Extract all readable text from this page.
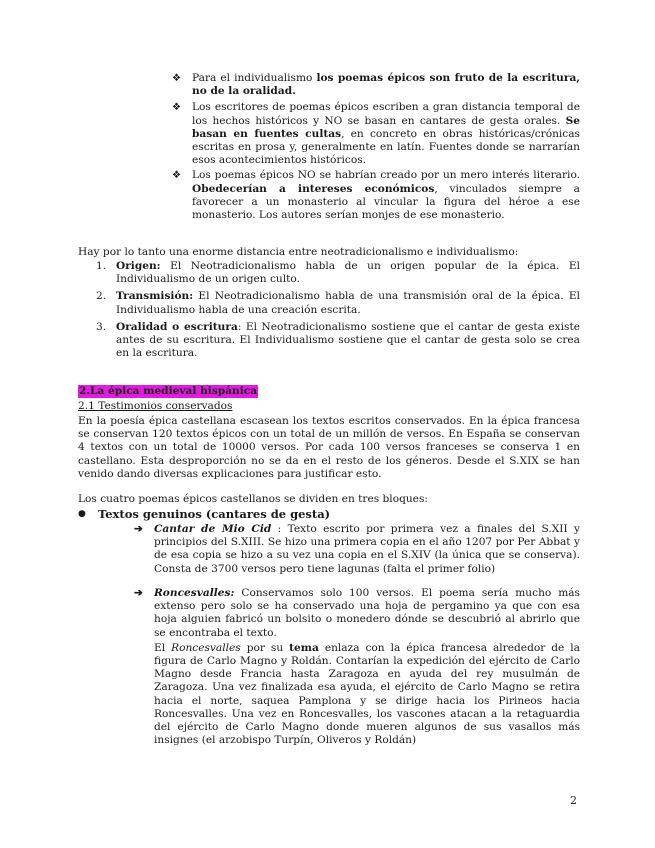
❖ Para el individualismo los poemas épicos son fruto de la escritura, no de la oralidad.

❖ Los escritores de poemas épicos escriben a gran distancia temporal de los hechos históricos y NO se basan en cantares de gesta orales. Se basan en fuentes cultas, en concreto en obras históricas/crónicas escritas en prosa y, generalmente en latín. Fuentes donde se narrarían esos acontecimientos históricos.

❖ Los poemas épicos NO se habrían creado por un mero interés literario. Obedecerían a intereses económicos, vinculados siempre a favorecer a un monasterio al vincular la figura del héroe a ese monasterio. Los autores serían monjes de ese monasterio.

Hay por lo tanto una enorme distancia entre neotradicionalismo e individualismo:
1. Origen: El Neotradicionalismo habla de un origen popular de la épica. El Individualismo de un origen culto.
2. Transmisión: El Neotradicionalismo habla de una transmisión oral de la épica. El Individualismo habla de una creación escrita.
3. Oralidad o escritura: El Neotradicionalismo sostiene que el cantar de gesta existe antes de su escritura. El Individualismo sostiene que el cantar de gesta solo se crea en la escritura.
2.La épica medieval hispánica
2.1 Testimonios conservados
En la poesía épica castellana escasean los textos escritos conservados. En la épica francesa se conservan 120 textos épicos con un total de un millón de versos. En España se conservan 4 textos con un total de 10000 versos. Por cada 100 versos franceses se conserva 1 en castellano. Esta desproporción no se da en el resto de los géneros. Desde el S.XIX se han venido dando diversas explicaciones para justificar esto.
Los cuatro poemas épicos castellanos se dividen en tres bloques:
● Textos genuinos (cantares de gesta)
➔ Cantar de Mio Cid : Texto escrito por primera vez a finales del S.XII y principios del S.XIII. Se hizo una primera copia en el año 1207 por Per Abbat y de esa copia se hizo a su vez una copia en el S.XIV (la única que se conserva). Consta de 3700 versos pero tiene lagunas (falta el primer folio)
➔ Roncesvalles: Conservamos solo 100 versos. El poema sería mucho más extenso pero solo se ha conservado una hoja de pergamino ya que con esa hoja alguien fabricó un bolsito o monedero dónde se descubrió al abrirlo que se encontraba el texto.
El Roncesvalles por su tema enlaza con la épica francesa alrededor de la figura de Carlo Magno y Roldán. Contarían la expedición del ejército de Carlo Magno desde Francia hasta Zaragoza en ayuda del rey musulmán de Zaragoza. Una vez finalizada esa ayuda, el ejército de Carlo Magno se retira hacia el norte, saquea Pamplona y se dirige hacia los Pirineos hacia Roncesvalles. Una vez en Roncesvalles, los vascones atacan a la retaguardia del ejército de Carlo Magno donde mueren algunos de sus vasallos más insignes (el arzobispo Turpín, Oliveros y Roldán)
2
